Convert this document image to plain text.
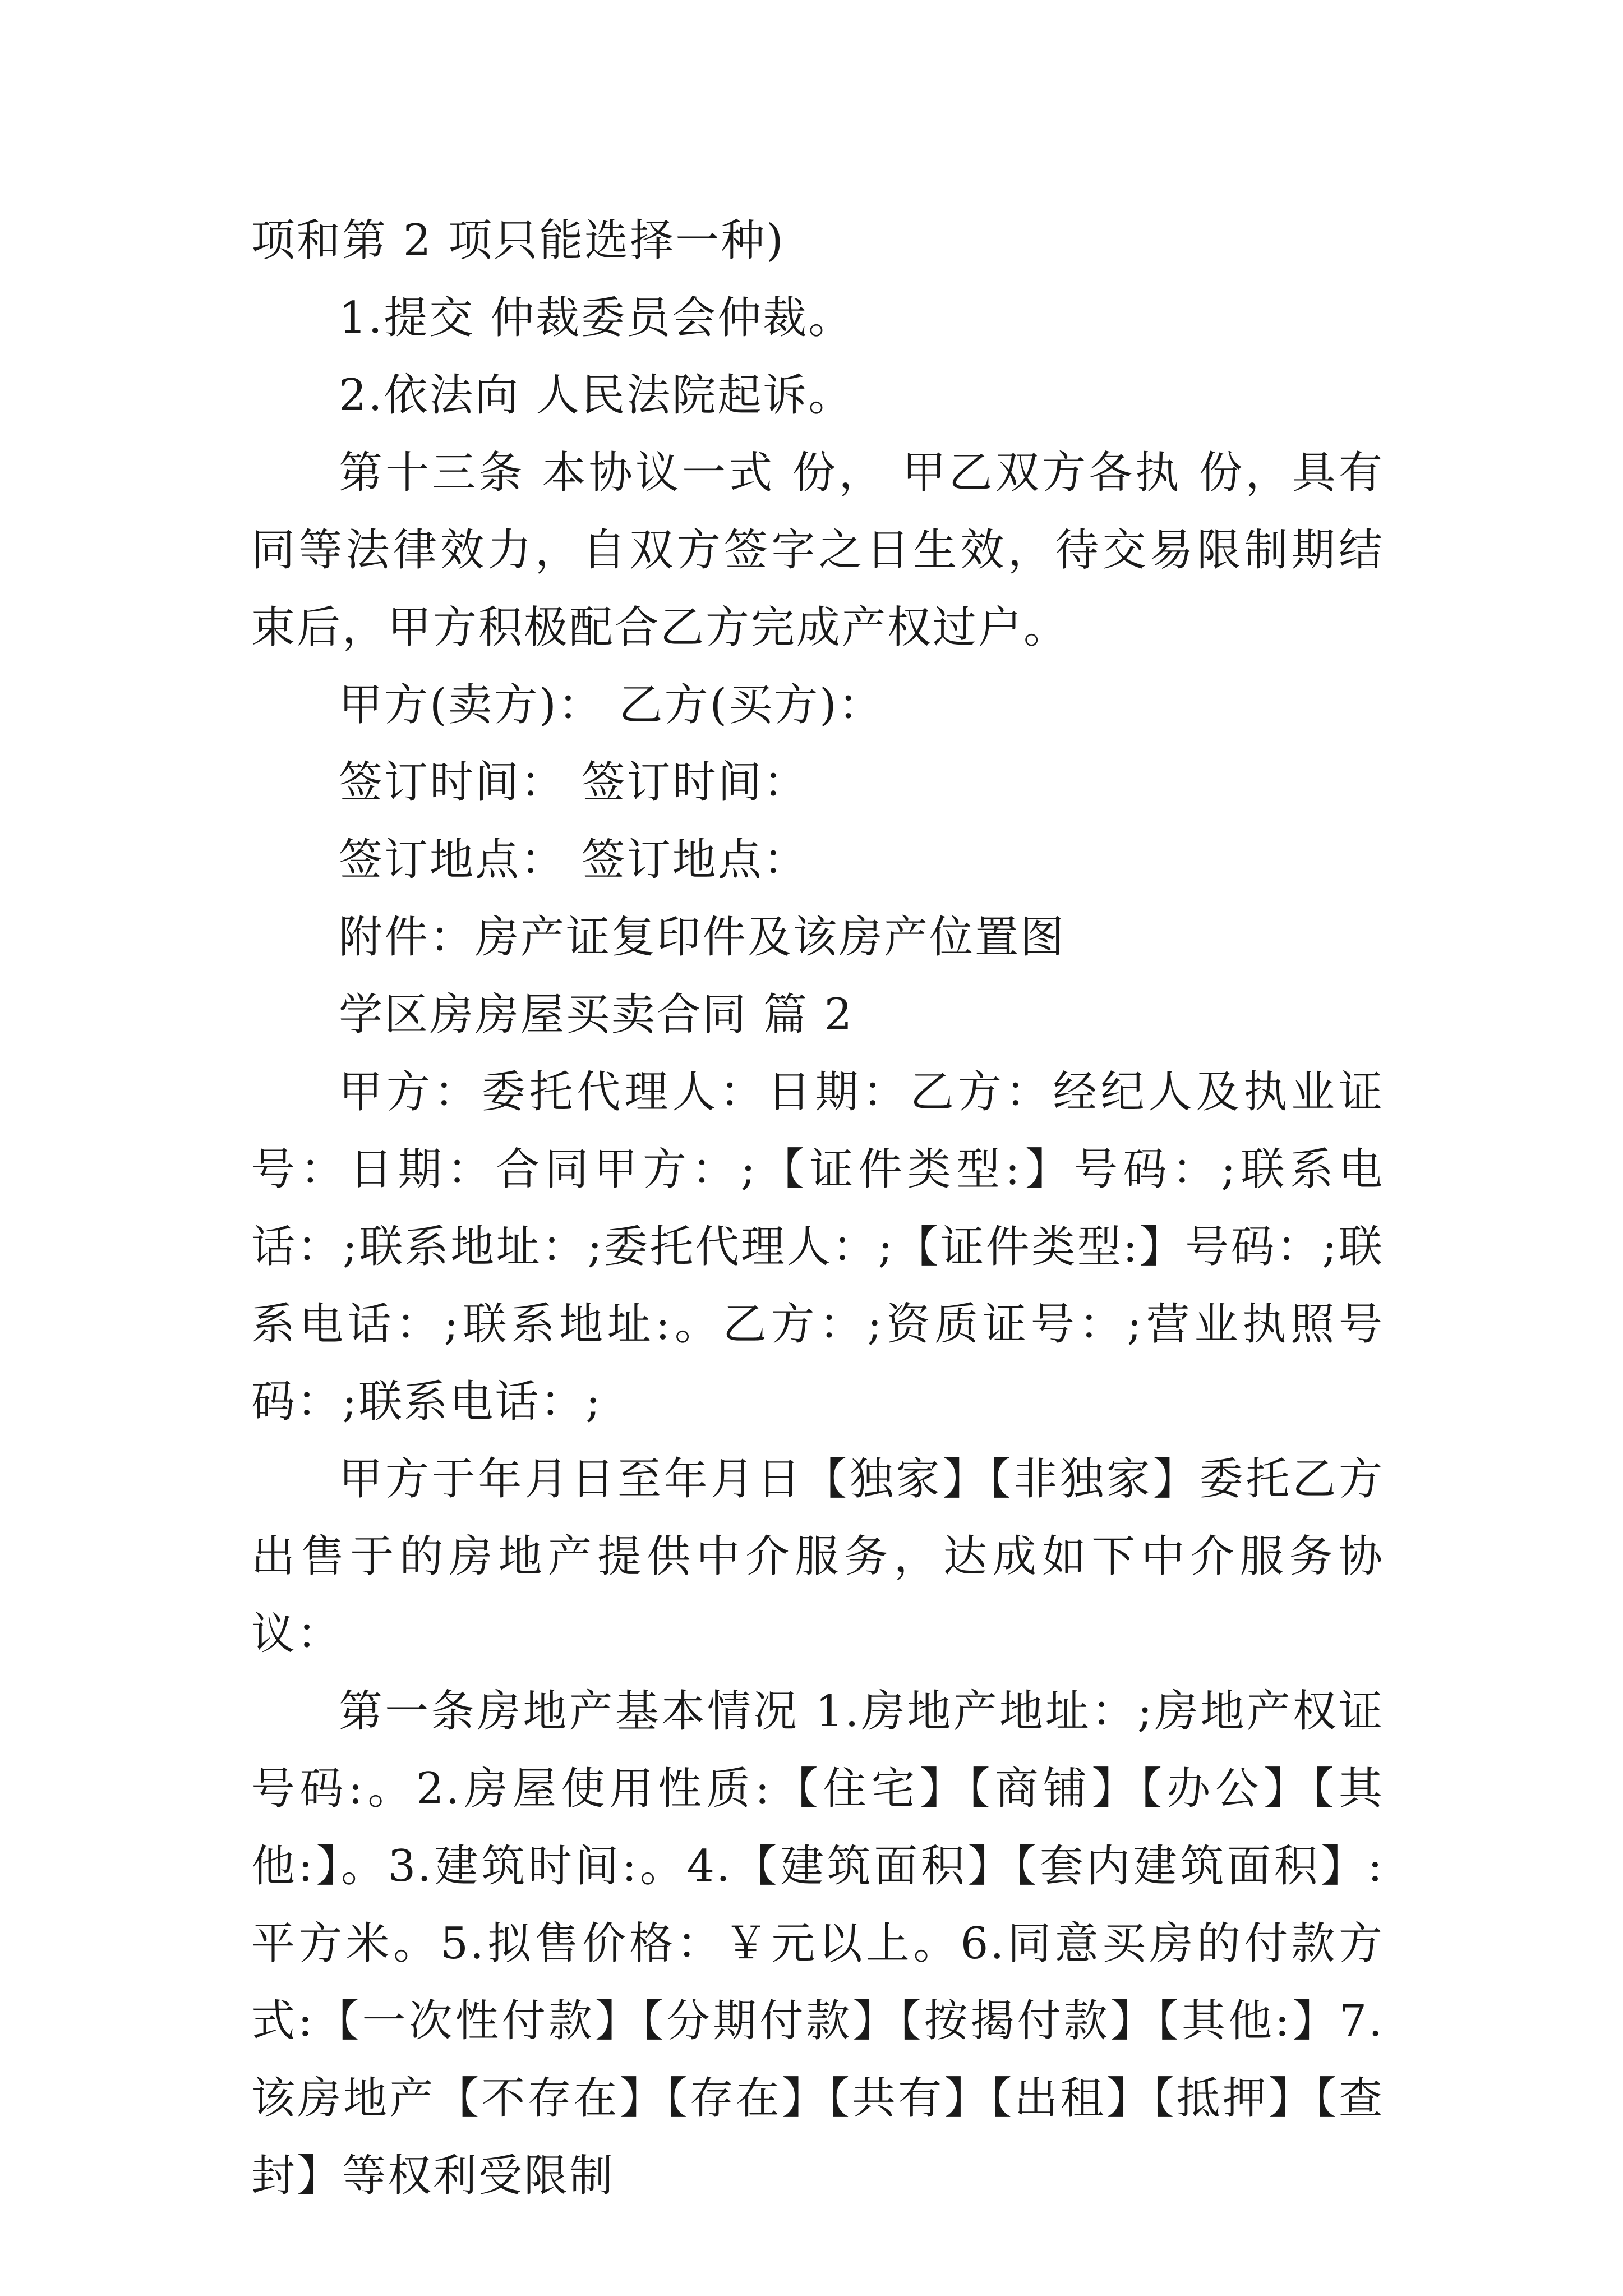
项和第 2 项只能选择一种)

1.提交 仲裁委员会仲裁。

2.依法向 人民法院起诉。

第十三条 本协议一式 份， 甲乙双方各执 份，具有同等法律效力，自双方签字之日生效，待交易限制期结束后，甲方积极配合乙方完成产权过户。

甲方(卖方)： 乙方(买方)：

签订时间： 签订时间：

签订地点： 签订地点：

附件：房产证复印件及该房产位置图

学区房房屋买卖合同 篇 2

甲方：委托代理人：日期：乙方：经纪人及执业证号：日期：合同甲方：;【证件类型:】号码：;联系电话：;联系地址：;委托代理人：;【证件类型:】号码：;联系电话：;联系地址:。乙方：;资质证号：;营业执照号码：;联系电话：;

甲方于年月日至年月日【独家】【非独家】委托乙方出售于的房地产提供中介服务，达成如下中介服务协议：

第一条房地产基本情况 1.房地产地址：;房地产权证号码:。2.房屋使用性质:【住宅】【商铺】【办公】【其他:】。3.建筑时间:。4.【建筑面积】【套内建筑面积】: 平方米。5.拟售价格：￥元以上。6.同意买房的付款方式:【一次性付款】【分期付款】【按揭付款】【其他:】7.该房地产【不存在】【存在】【共有】【出租】【抵押】【查封】等权利受限制
